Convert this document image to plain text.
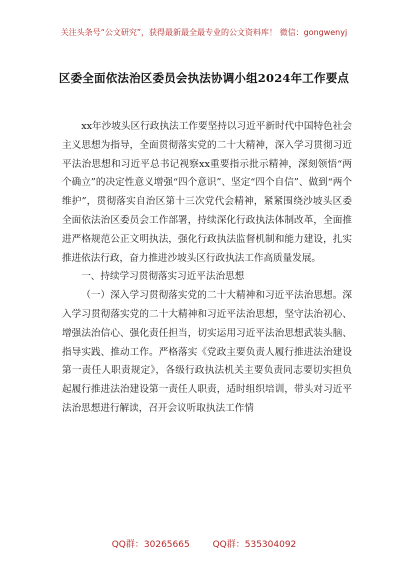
关注头条号“公文研究”，获得最新最全最专业的公文资料库！ 微信：gongwenyj
区委全面依法治区委员会执法协调小组2024年工作要点

xx年沙坡头区行政执法工作要坚持以习近平新时代中国特色社会主义思想为指导，全面贯彻落实党的二十大精神，深入学习贯彻习近平法治思想和习近平总书记视察xx重要指示批示精神，深刻领悟“两个确立”的决定性意义增强“四个意识”、坚定“四个自信”、做到“两个维护”，贯彻落实自治区第十三次党代会精神，紧紧围绕沙坡头区委全面依法治区委员会工作部署，持续深化行政执法体制改革，全面推进严格规范公正文明执法，强化行政执法监督机制和能力建设，扎实推进依法行政，奋力推进沙坡头区行政执法工作高质量发展。

一、持续学习贯彻落实习近平法治思想

（一）深入学习贯彻落实党的二十大精神和习近平法治思想。深入学习贯彻落实党的二十大精神和习近平法治思想，坚守法治初心、增强法治信心、强化责任担当，切实运用习近平法治思想武装头脑、指导实践、推动工作。严格落实《党政主要负责人履行推进法治建设第一责任人职责规定》，各级行政执法机关主要负责同志要切实担负起履行推进法治建设第一责任人职责，适时组织培训，带头对习近平法治思想进行解读，召开会议听取执法工作情

QQ群：30265665	QQ群：535304092
